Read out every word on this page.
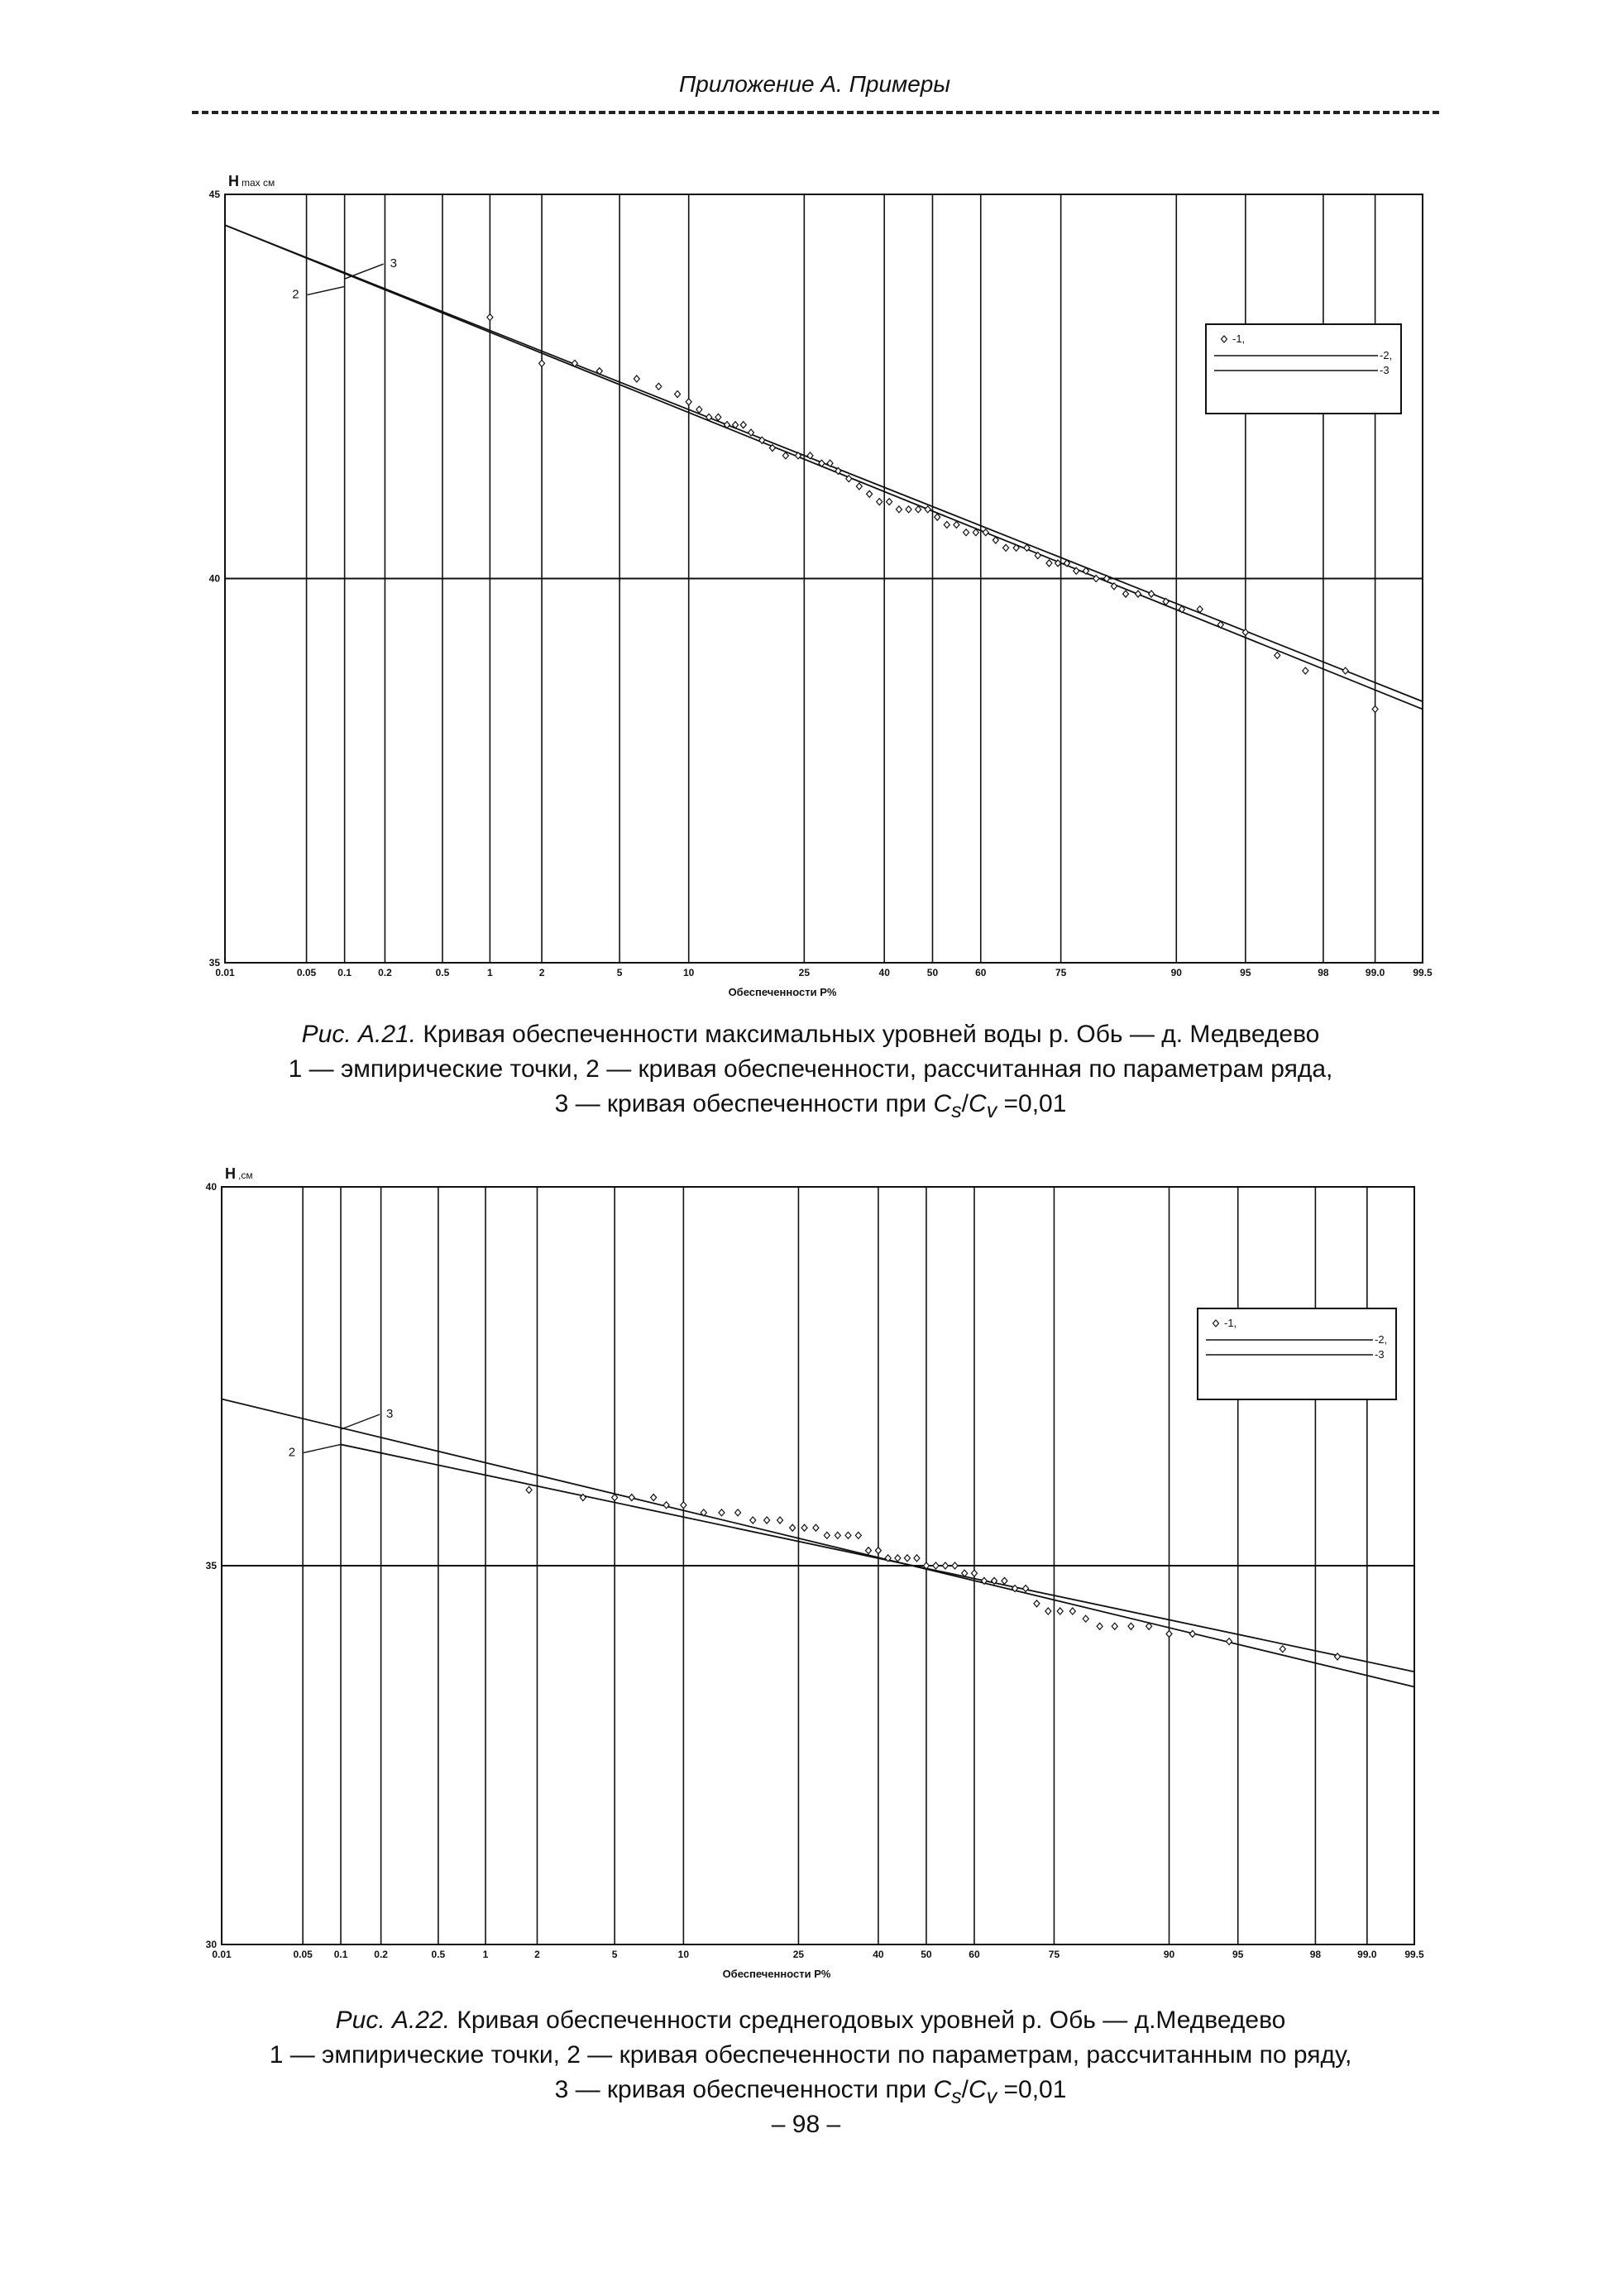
Приложение А. Примеры
0.01	0.05 0.1	0.2	0.5	1	2	5	10	25	40	50	60	75	90	95	98	99.0	99.5
35
40
45
Обеспеченности Р%
H max см
3
2
-1,
-2,
-3
Рис. А.21. Кривая обеспеченности максимальных уровней воды р. Обь — д. Медведево
1 — эмпирические точки, 2 — кривая обеспеченности, рассчитанная по параметрам ряда,
3 — кривая обеспеченности при $C_s/C_v =0,01$
0.01	0.05 0.1	0.2	0.5	1	2	5	10	25	40	50	60	75	90	95	98	99.0	99.5
30
35
40
Обеспеченности Р%
H ,см
3
2
-1,
-2,
-3
Рис. А.22. Кривая обеспеченности среднегодовых уровней р. Обь — д.Медведево
1 — эмпирические точки, 2 — кривая обеспеченности по параметрам, рассчитанным по ряду,
3 — кривая обеспеченности при $C_s/C_v =0,01$
– 98 –
